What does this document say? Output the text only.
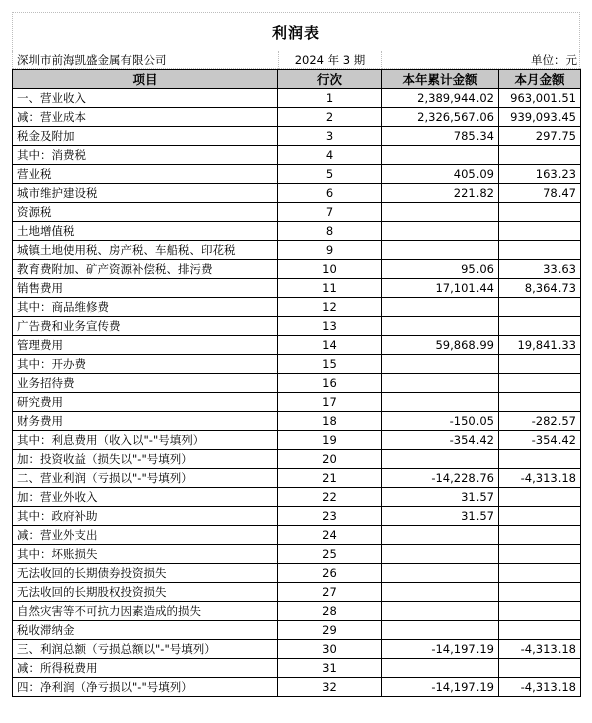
利润表
深圳市前海凯盛金属有限公司	2024 年 3 期	单位：元
项目	行次	本年累计金额	本月金额
一、营业收入	1	2,389,944.02	963,001.51
减：营业成本	2	2,326,567.06	939,093.45
税金及附加	3	785.34	297.75
其中：消费税	4		
营业税	5	405.09	163.23
城市维护建设税	6	221.82	78.47
资源税	7		
土地增值税	8		
城镇土地使用税、房产税、车船税、印花税	9		
教育费附加、矿产资源补偿税、排污费	10	95.06	33.63
销售费用	11	17,101.44	8,364.73
其中：商品维修费	12		
广告费和业务宣传费	13		
管理费用	14	59,868.99	19,841.33
其中：开办费	15		
业务招待费	16		
研究费用	17		
财务费用	18	-150.05	-282.57
其中：利息费用（收入以"-"号填列）	19	-354.42	-354.42
加：投资收益（损失以"-"号填列）	20		
二、营业利润（亏损以"-"号填列）	21	-14,228.76	-4,313.18
加：营业外收入	22	31.57	
其中：政府补助	23	31.57	
减：营业外支出	24		
其中：坏账损失	25		
无法收回的长期债券投资损失	26		
无法收回的长期股权投资损失	27		
自然灾害等不可抗力因素造成的损失	28		
税收滞纳金	29		
三、利润总额（亏损总额以"-"号填列）	30	-14,197.19	-4,313.18
减：所得税费用	31		
四：净利润（净亏损以"-"号填列）	32	-14,197.19	-4,313.18
